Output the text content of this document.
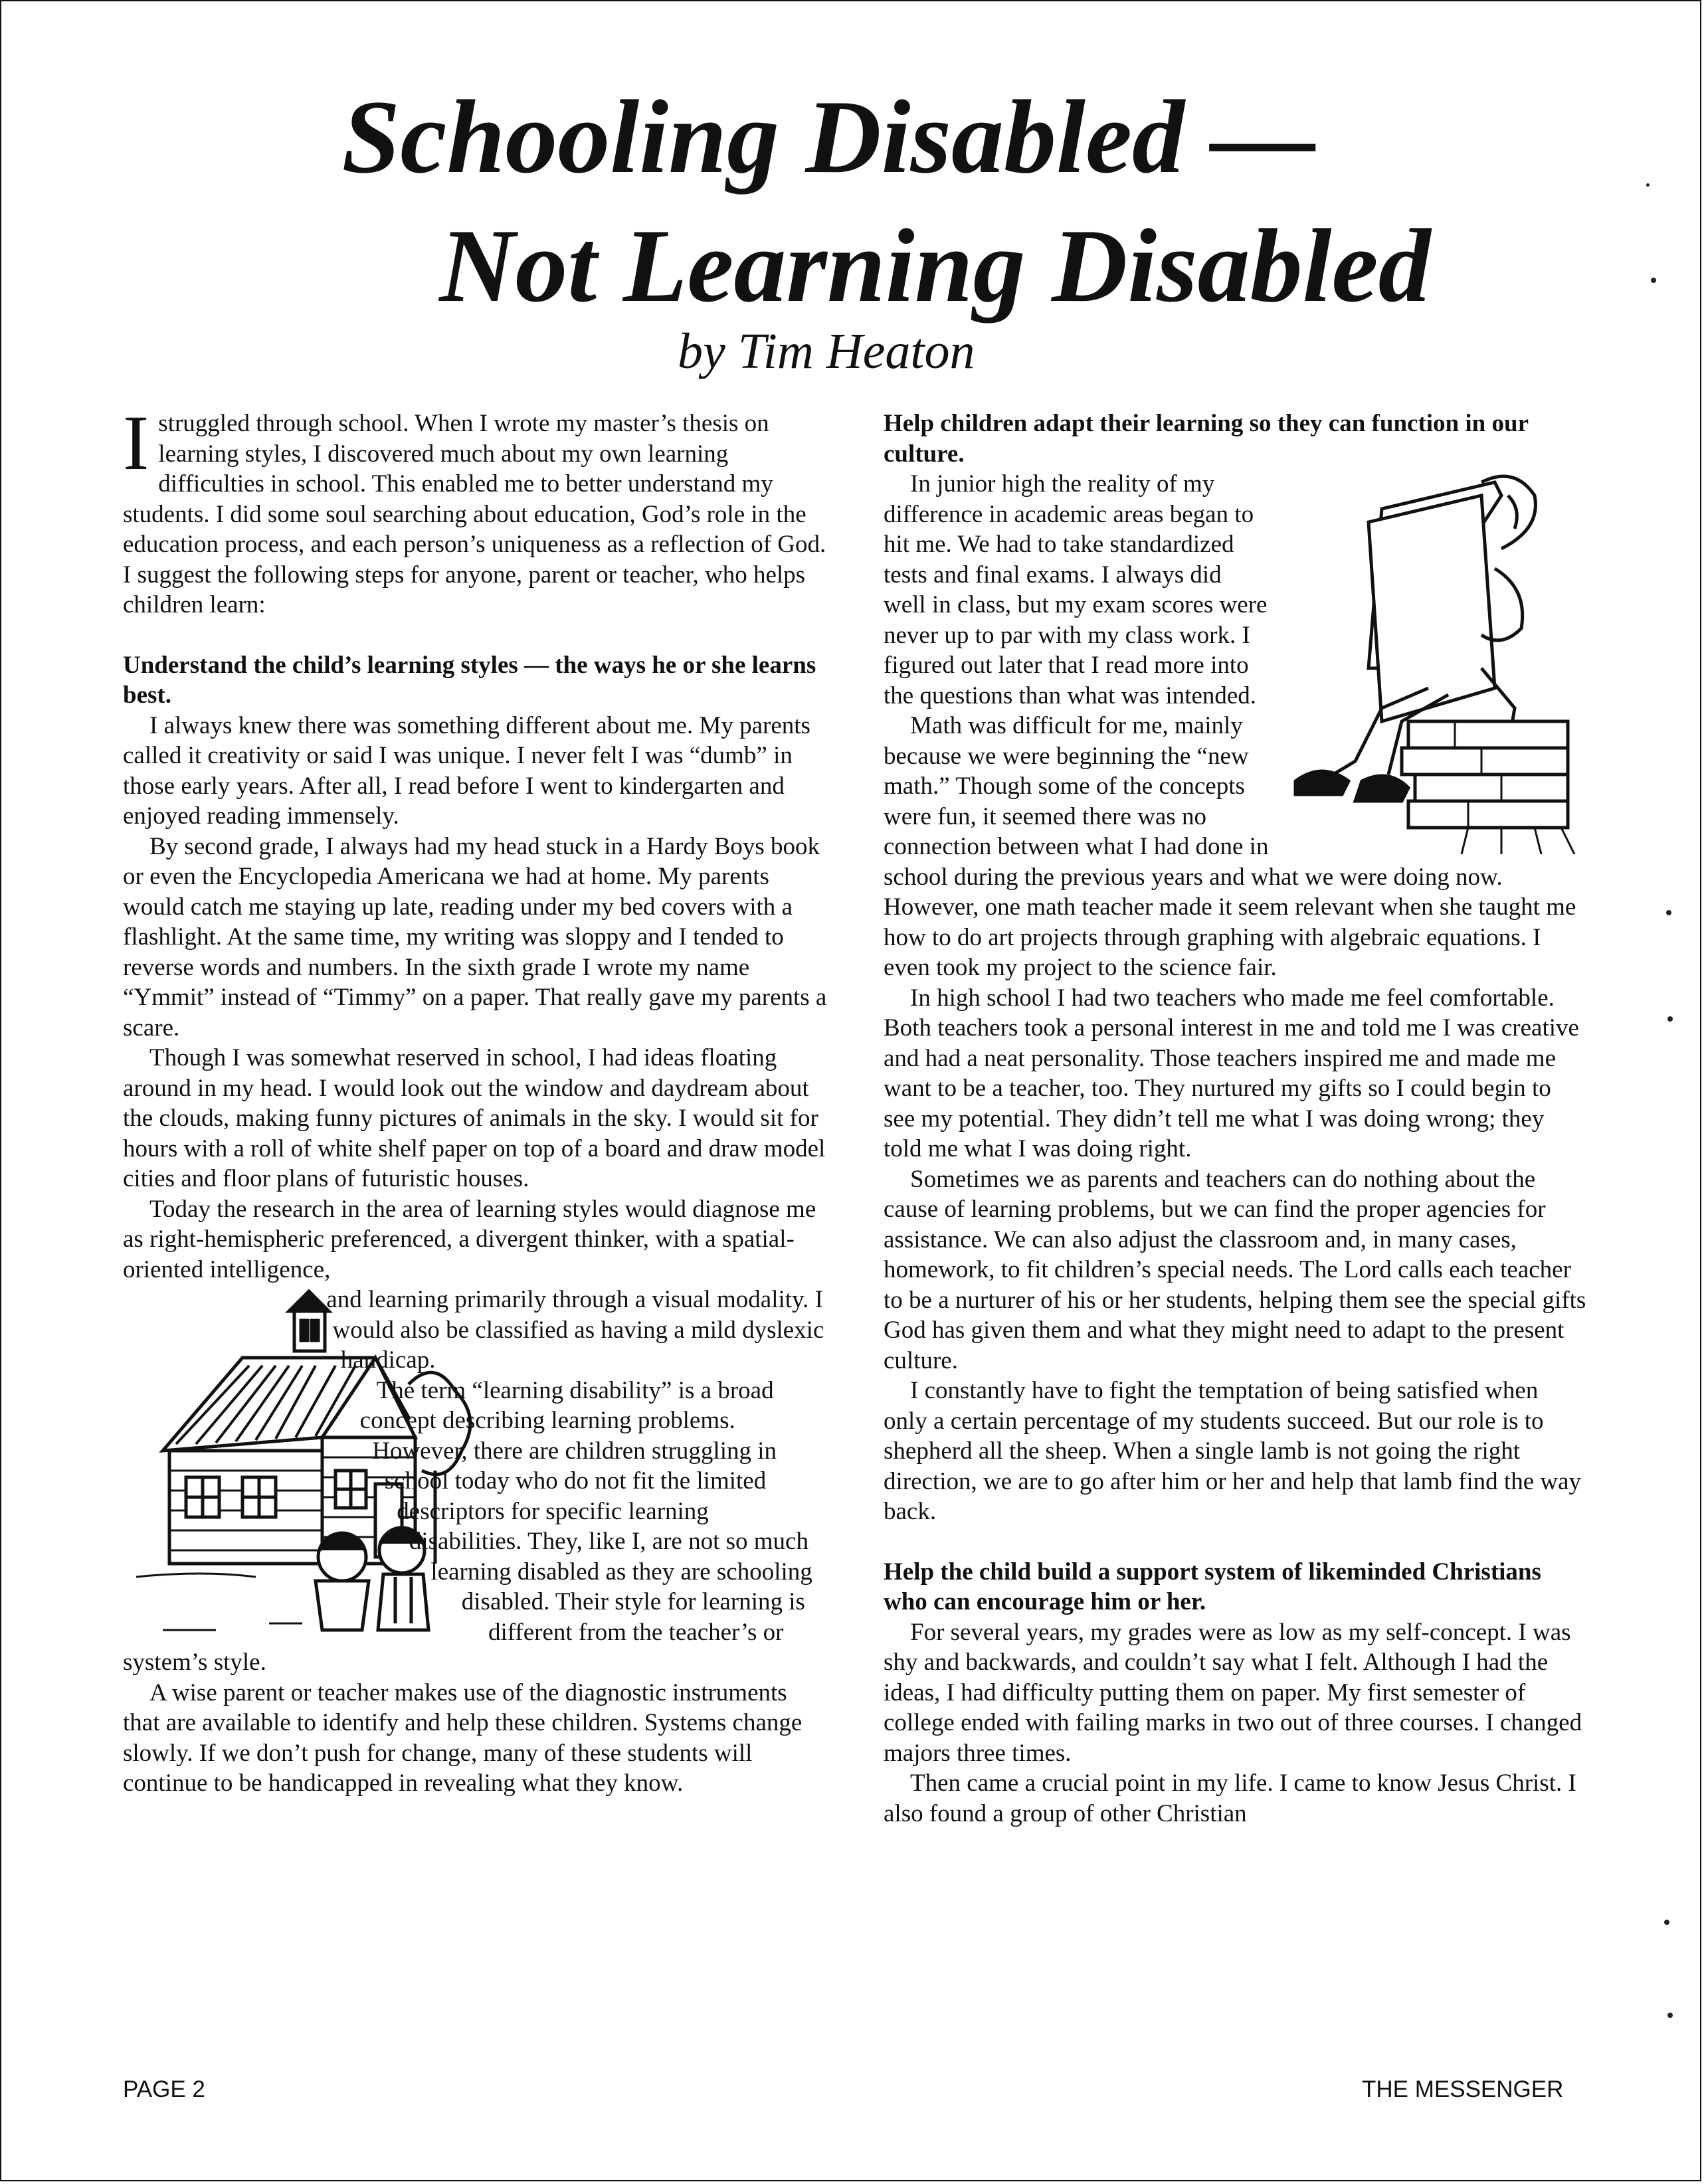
Schooling Disabled —
Not Learning Disabled
by Tim Heaton

Istruggled through school. When I wrote my master’s thesis on learning styles, I discovered much about my own learning difficulties in school. This enabled me to better understand my students. I did some soul searching about education, God’s role in the education process, and each person’s uniqueness as a reflection of God. I suggest the following steps for anyone, parent or teacher, who helps children learn:

Understand the child’s learning styles — the ways he or she learns best.

I always knew there was something different about me. My parents called it creativity or said I was unique. I never felt I was “dumb” in those early years. After all, I read before I went to kindergarten and enjoyed reading immensely.

By second grade, I always had my head stuck in a Hardy Boys book or even the Encyclopedia Americana we had at home. My parents would catch me staying up late, reading under my bed covers with a flashlight. At the same time, my writing was sloppy and I tended to reverse words and numbers. In the sixth grade I wrote my name “Ymmit” instead of “Timmy” on a paper. That really gave my parents a scare.

Though I was somewhat reserved in school, I had ideas floating around in my head. I would look out the window and daydream about the clouds, making funny pictures of animals in the sky. I would sit for hours with a roll of white shelf paper on top of a board and draw model cities and floor plans of futuristic houses.

Today the research in the area of learning styles would diagnose me as right-hemispheric preferenced, a divergent thinker, with a spatial-oriented intelligence,

and learning primarily through a visual modality. I would also be classified as having a mild dyslexic handicap.

The term “learning disability” is a broad concept describing learning problems. However, there are children struggling in school today who do not fit the limited descriptors for specific learning disabilities. They, like I, are not so much learning disabled as they are schooling disabled. Their style for learning is different from the teacher’s or system’s style.

A wise parent or teacher makes use of the diagnostic instruments that are available to identify and help these children. Systems change slowly. If we don’t push for change, many of these students will continue to be handicapped in revealing what they know.

Help children adapt their learning so they can function in our culture.

In junior high the reality of my difference in academic areas began to hit me. We had to take standardized tests and final exams. I always did well in class, but my exam scores were never up to par with my class work. I figured out later that I read more into the questions than what was intended.

Math was difficult for me, mainly because we were beginning the “new math.” Though some of the concepts were fun, it seemed there was no connection between what I had done in school during the previous years and what we were doing now. However, one math teacher made it seem relevant when she taught me how to do art projects through graphing with algebraic equations. I even took my project to the science fair.

In high school I had two teachers who made me feel comfortable. Both teachers took a personal interest in me and told me I was creative and had a neat personality. Those teachers inspired me and made me want to be a teacher, too. They nurtured my gifts so I could begin to see my potential. They didn’t tell me what I was doing wrong; they told me what I was doing right.

Sometimes we as parents and teachers can do nothing about the cause of learning problems, but we can find the proper agencies for assistance. We can also adjust the classroom and, in many cases, homework, to fit children’s special needs. The Lord calls each teacher to be a nurturer of his or her students, helping them see the special gifts God has given them and what they might need to adapt to the present culture.

I constantly have to fight the temptation of being satisfied when only a certain percentage of my students succeed. But our role is to shepherd all the sheep. When a single lamb is not going the right direction, we are to go after him or her and help that lamb find the way back.

Help the child build a support system of likeminded Christians who can encourage him or her.

For several years, my grades were as low as my self-concept. I was shy and backwards, and couldn’t say what I felt. Although I had the ideas, I had difficulty putting them on paper. My first semester of college ended with failing marks in two out of three courses. I changed majors three times.

Then came a crucial point in my life. I came to know Jesus Christ. I also found a group of other Christian

PAGE 2	THE MESSENGER
